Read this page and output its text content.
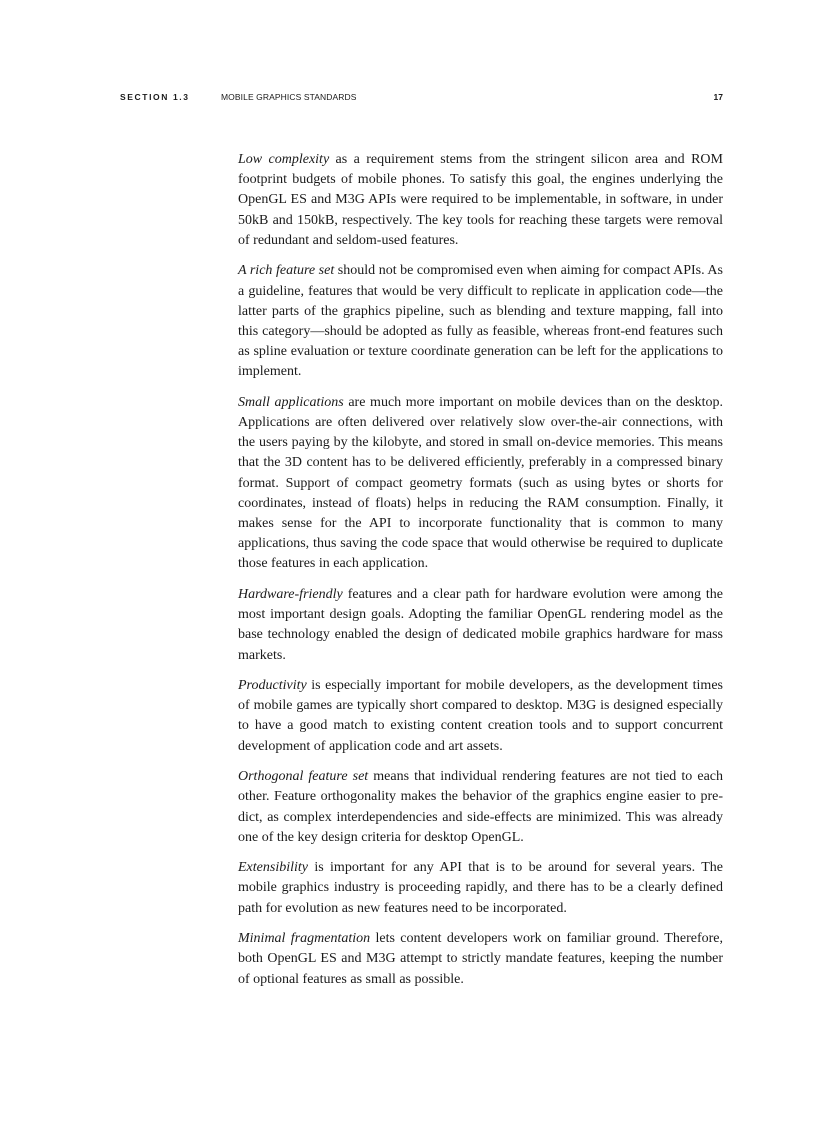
SECTION 1.3	MOBILE GRAPHICS STANDARDS	17

Low complexity as a requirement stems from the stringent silicon area and ROM footprint budgets of mobile phones. To satisfy this goal, the engines underlying the OpenGL ES and M3G APIs were required to be implementable, in software, in under 50kB and 150kB, respectively. The key tools for reaching these targets were removal of redundant and seldom-used features.

A rich feature set should not be compromised even when aiming for compact APIs. As a guideline, features that would be very difficult to replicate in application code—the latter parts of the graphics pipeline, such as blending and texture mapping, fall into this category—should be adopted as fully as feasible, whereas front-end features such as spline evaluation or texture coordinate generation can be left for the applications to implement.

Small applications are much more important on mobile devices than on the desktop. Applications are often delivered over relatively slow over-the-air connections, with the users paying by the kilobyte, and stored in small on-device memories. This means that the 3D content has to be delivered efficiently, preferably in a compressed binary format. Support of compact geometry formats (such as using bytes or shorts for coordinates, instead of floats) helps in reducing the RAM consumption. Finally, it makes sense for the API to incorporate functionality that is common to many applications, thus saving the code space that would otherwise be required to duplicate those features in each application.

Hardware-friendly features and a clear path for hardware evolution were among the most important design goals. Adopting the familiar OpenGL rendering model as the base technology enabled the design of dedicated mobile graphics hardware for mass markets.

Productivity is especially important for mobile developers, as the development times of mobile games are typically short compared to desktop. M3G is designed especially to have a good match to existing content creation tools and to support concurrent development of application code and art assets.

Orthogonal feature set means that individual rendering features are not tied to each other. Feature orthogonality makes the behavior of the graphics engine easier to pre-dict, as complex interdependencies and side-effects are minimized. This was already one of the key design criteria for desktop OpenGL.

Extensibility is important for any API that is to be around for several years. The mobile graphics industry is proceeding rapidly, and there has to be a clearly defined path for evolution as new features need to be incorporated.

Minimal fragmentation lets content developers work on familiar ground. Therefore, both OpenGL ES and M3G attempt to strictly mandate features, keeping the number of optional features as small as possible.
